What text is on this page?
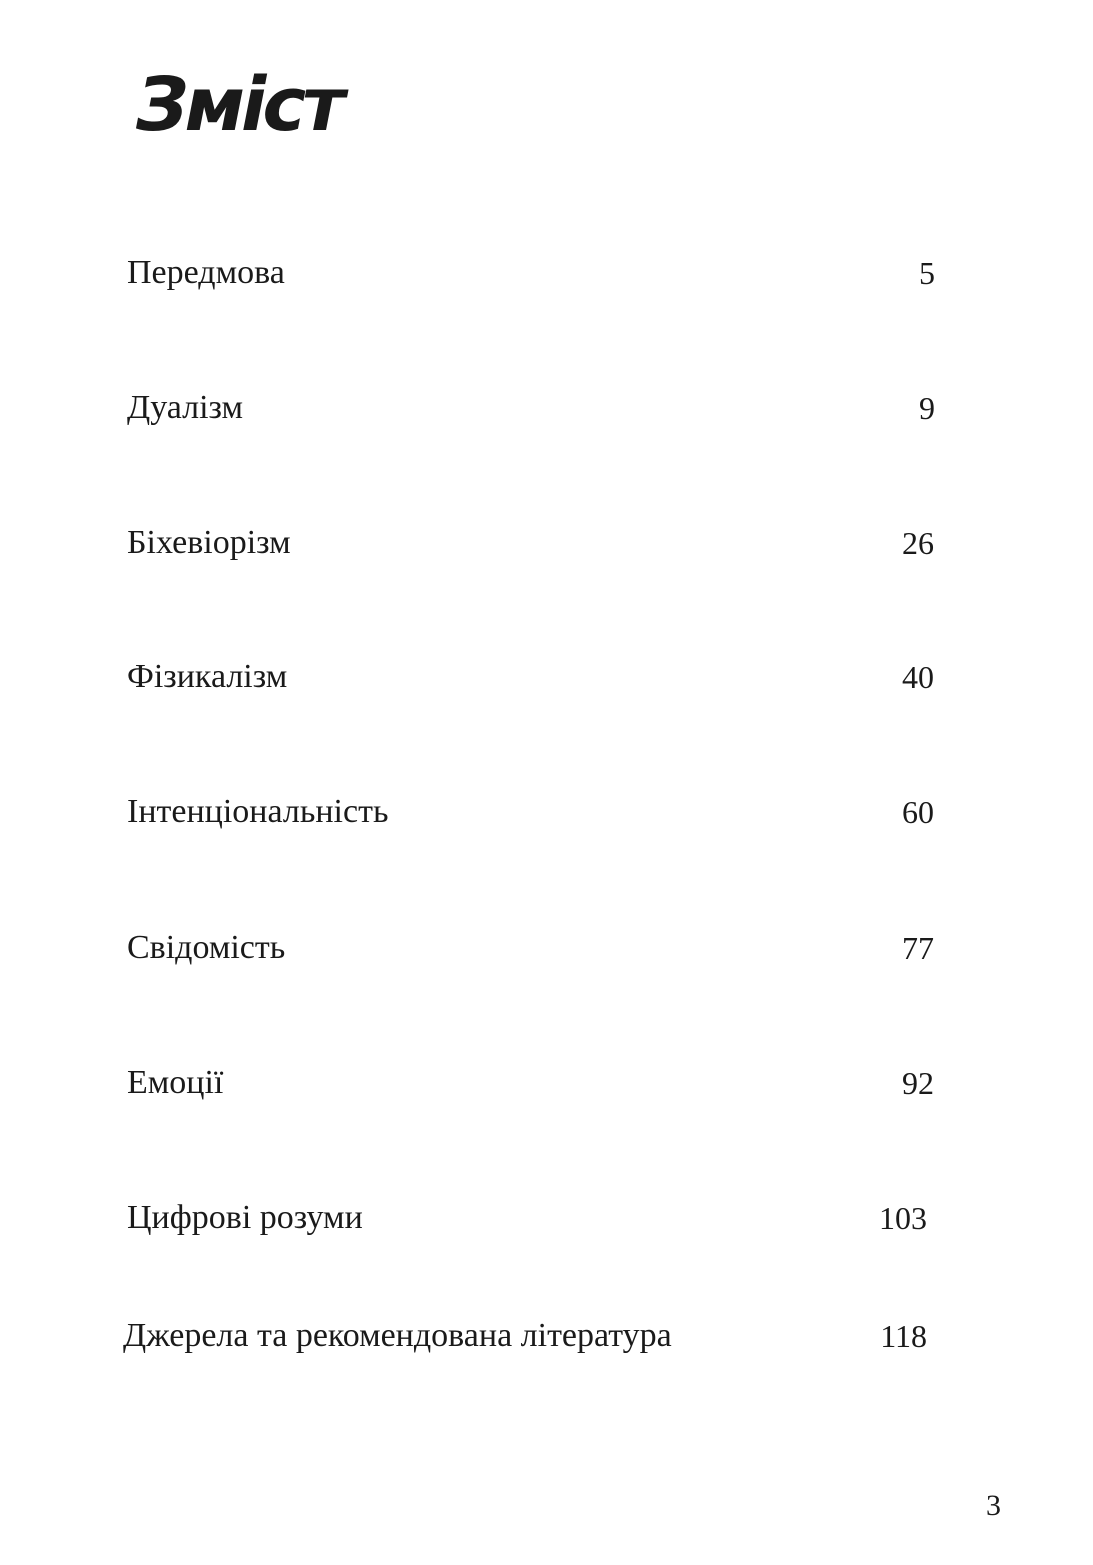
Зміст
Передмова	5
Дуалізм	9
Біхевіорізм	26
Фізикалізм	40
Інтенціональність	60
Свідомість	77
Емоції	92
Цифрові розуми	103
Джерела та рекомендована література	118
3
